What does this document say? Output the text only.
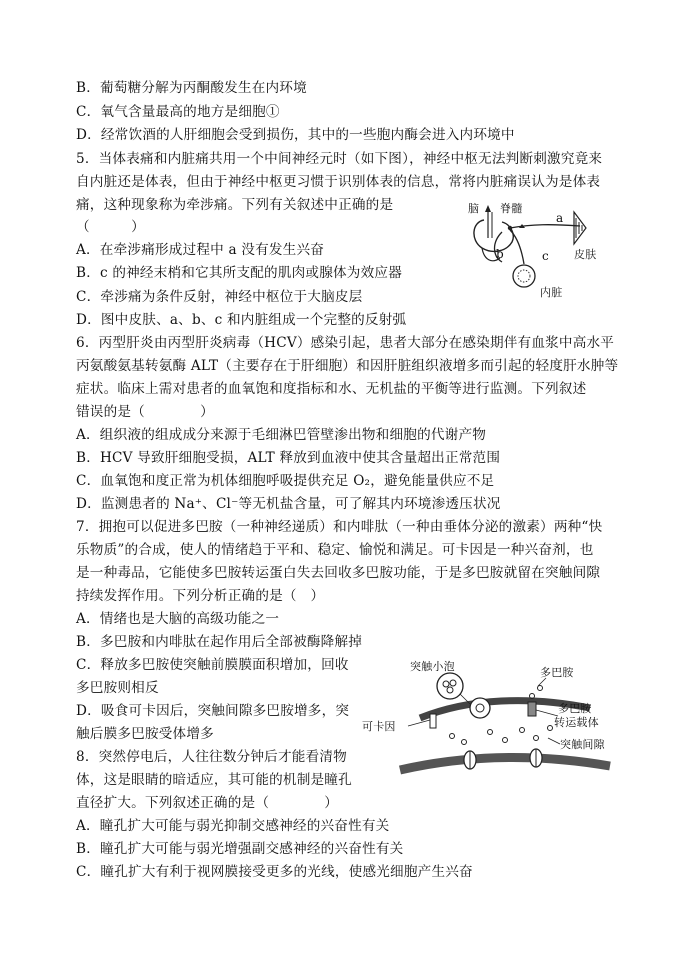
B．葡萄糖分解为丙酮酸发生在内环境
C．氧气含量最高的地方是细胞①
D．经常饮酒的人肝细胞会受到损伤，其中的一些胞内酶会进入内环境中
5．当体表痛和内脏痛共用一个中间神经元时（如下图），神经中枢无法判断刺激究竟来
自内脏还是体表，但由于神经中枢更习惯于识别体表的信息，常将内脏痛误认为是体表
痛，这种现象称为牵涉痛。下列有关叙述中正确的是
（　　　）
A．在牵涉痛形成过程中 a 没有发生兴奋
B．c 的神经末梢和它其所支配的肌肉或腺体为效应器
C．牵涉痛为条件反射，神经中枢位于大脑皮层
D．图中皮肤、a、b、c 和内脏组成一个完整的反射弧
6．丙型肝炎由丙型肝炎病毒（HCV）感染引起，患者大部分在感染期伴有血浆中高水平
丙氨酸氨基转氨酶 ALT（主要存在于肝细胞）和因肝脏组织液增多而引起的轻度肝水肿等
症状。临床上需对患者的血氧饱和度指标和水、无机盐的平衡等进行监测。下列叙述
错误的是（　　　　）
A．组织液的组成成分来源于毛细淋巴管壁渗出物和细胞的代谢产物
B．HCV 导致肝细胞受损，ALT 释放到血液中使其含量超出正常范围
C．血氧饱和度正常为机体细胞呼吸提供充足 O₂，避免能量供应不足
D．监测患者的 Na⁺、Cl⁻等无机盐含量，可了解其内环境渗透压状况
7．拥抱可以促进多巴胺（一种神经递质）和内啡肽（一种由垂体分泌的激素）两种“快
乐物质”的合成，使人的情绪趋于平和、稳定、愉悦和满足。可卡因是一种兴奋剂，也
是一种毒品，它能使多巴胺转运蛋白失去回收多巴胺功能，于是多巴胺就留在突触间隙
持续发挥作用。下列分析正确的是（　）
A．情绪也是大脑的高级功能之一
B．多巴胺和内啡肽在起作用后全部被酶降解掉
C．释放多巴胺使突触前膜膜面积增加，回收
多巴胺则相反
D．吸食可卡因后，突触间隙多巴胺增多，突
触后膜多巴胺受体增多
8．突然停电后，人往往数分钟后才能看清物
体，这是眼睛的暗适应，其可能的机制是瞳孔
直径扩大。下列叙述正确的是（　　　　）
A．瞳孔扩大可能与弱光抑制交感神经的兴奋性有关
B．瞳孔扩大可能与弱光增强副交感神经的兴奋性有关
C．瞳孔扩大有利于视网膜接受更多的光线，使感光细胞产生兴奋
脑 脊髓
a
b	c 皮肤
内脏
突触小泡	多巴胺
可卡因
多巴胺
转运载体
突触间隙
